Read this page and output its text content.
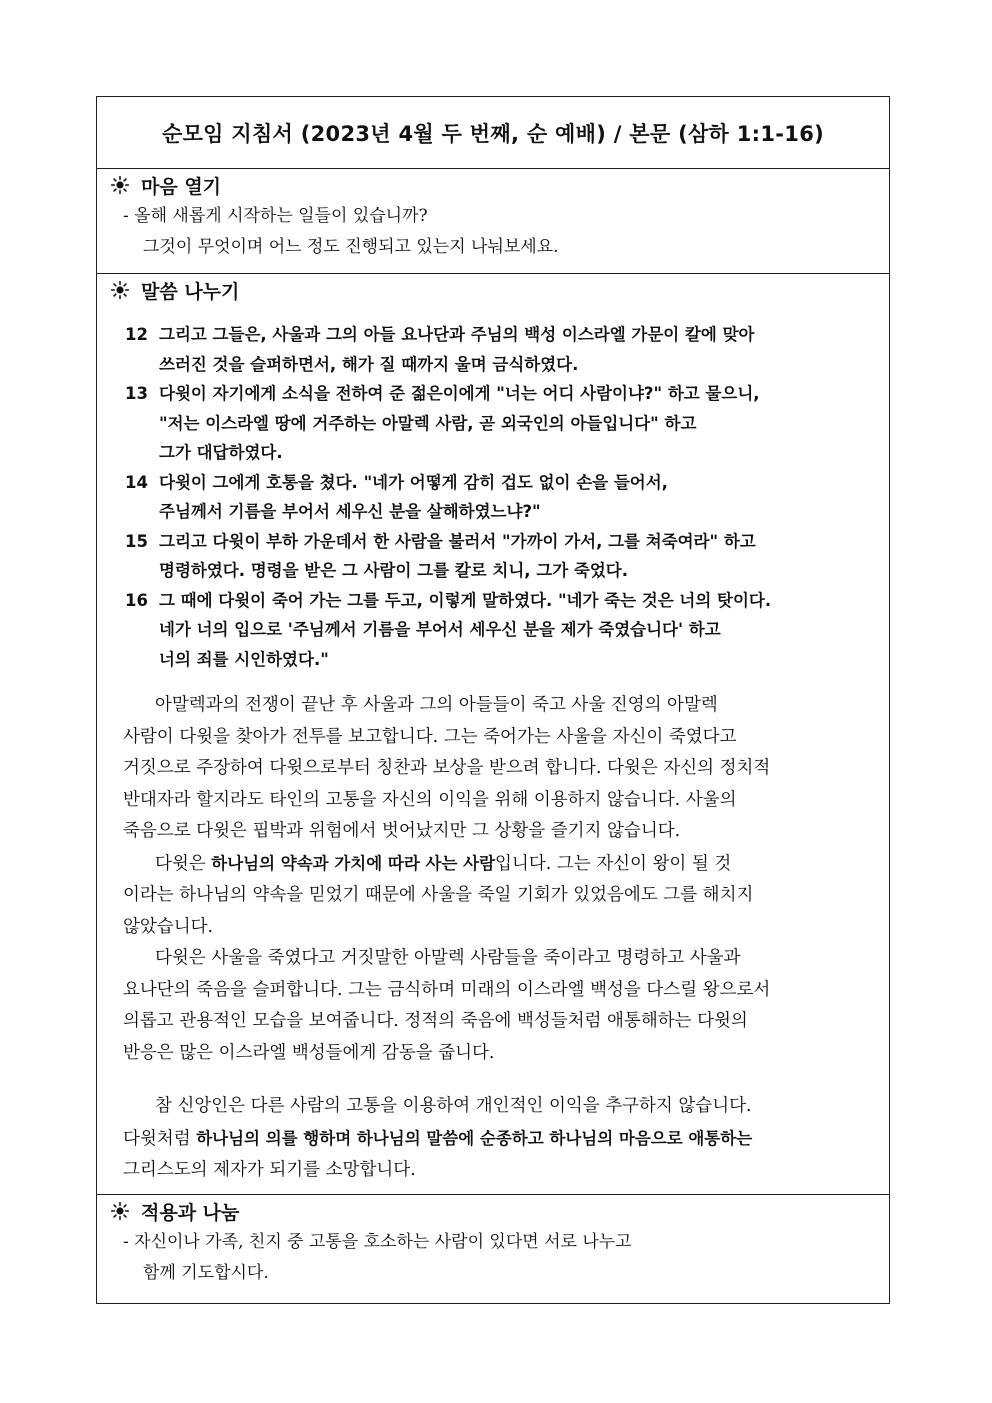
순모임 지침서 (2023년 4월 두 번째, 순 예배) / 본문 (삼하 1:1-16)
마음 열기
- 올해 새롭게 시작하는 일들이 있습니까?
그것이 무엇이며 어느 정도 진행되고 있는지 나눠보세요.
말씀 나누기
12 그리고 그들은, 사울과 그의 아들 요나단과 주님의 백성 이스라엘 가문이 칼에 맞아
쓰러진 것을 슬퍼하면서, 해가 질 때까지 울며 금식하였다.
13 다윗이 자기에게 소식을 전하여 준 젊은이에게 "너는 어디 사람이냐?" 하고 물으니,
"저는 이스라엘 땅에 거주하는 아말렉 사람, 곧 외국인의 아들입니다" 하고
그가 대답하였다.
14 다윗이 그에게 호통을 쳤다. "네가 어떻게 감히 겁도 없이 손을 들어서,
주님께서 기름을 부어서 세우신 분을 살해하였느냐?"
15 그리고 다윗이 부하 가운데서 한 사람을 불러서 "가까이 가서, 그를 쳐죽여라" 하고
명령하였다. 명령을 받은 그 사람이 그를 칼로 치니, 그가 죽었다.
16 그 때에 다윗이 죽어 가는 그를 두고, 이렇게 말하였다. "네가 죽는 것은 너의 탓이다.
네가 너의 입으로 '주님께서 기름을 부어서 세우신 분을 제가 죽였습니다' 하고
너의 죄를 시인하였다."
아말렉과의 전쟁이 끝난 후 사울과 그의 아들들이 죽고 사울 진영의 아말렉
사람이 다윗을 찾아가 전투를 보고합니다. 그는 죽어가는 사울을 자신이 죽였다고
거짓으로 주장하여 다윗으로부터 칭찬과 보상을 받으려 합니다. 다윗은 자신의 정치적
반대자라 할지라도 타인의 고통을 자신의 이익을 위해 이용하지 않습니다. 사울의
죽음으로 다윗은 핍박과 위험에서 벗어났지만 그 상황을 즐기지 않습니다.
다윗은 하나님의 약속과 가치에 따라 사는 사람입니다. 그는 자신이 왕이 될 것
이라는 하나님의 약속을 믿었기 때문에 사울을 죽일 기회가 있었음에도 그를 해치지
않았습니다.
다윗은 사울을 죽였다고 거짓말한 아말렉 사람들을 죽이라고 명령하고 사울과
요나단의 죽음을 슬퍼합니다. 그는 금식하며 미래의 이스라엘 백성을 다스릴 왕으로서
의롭고 관용적인 모습을 보여줍니다. 정적의 죽음에 백성들처럼 애통해하는 다윗의
반응은 많은 이스라엘 백성들에게 감동을 줍니다.
참 신앙인은 다른 사람의 고통을 이용하여 개인적인 이익을 추구하지 않습니다.
다윗처럼 하나님의 의를 행하며 하나님의 말씀에 순종하고 하나님의 마음으로 애통하는
그리스도의 제자가 되기를 소망합니다.
적용과 나눔
- 자신이나 가족, 친지 중 고통을 호소하는 사람이 있다면 서로 나누고
함께 기도합시다.
